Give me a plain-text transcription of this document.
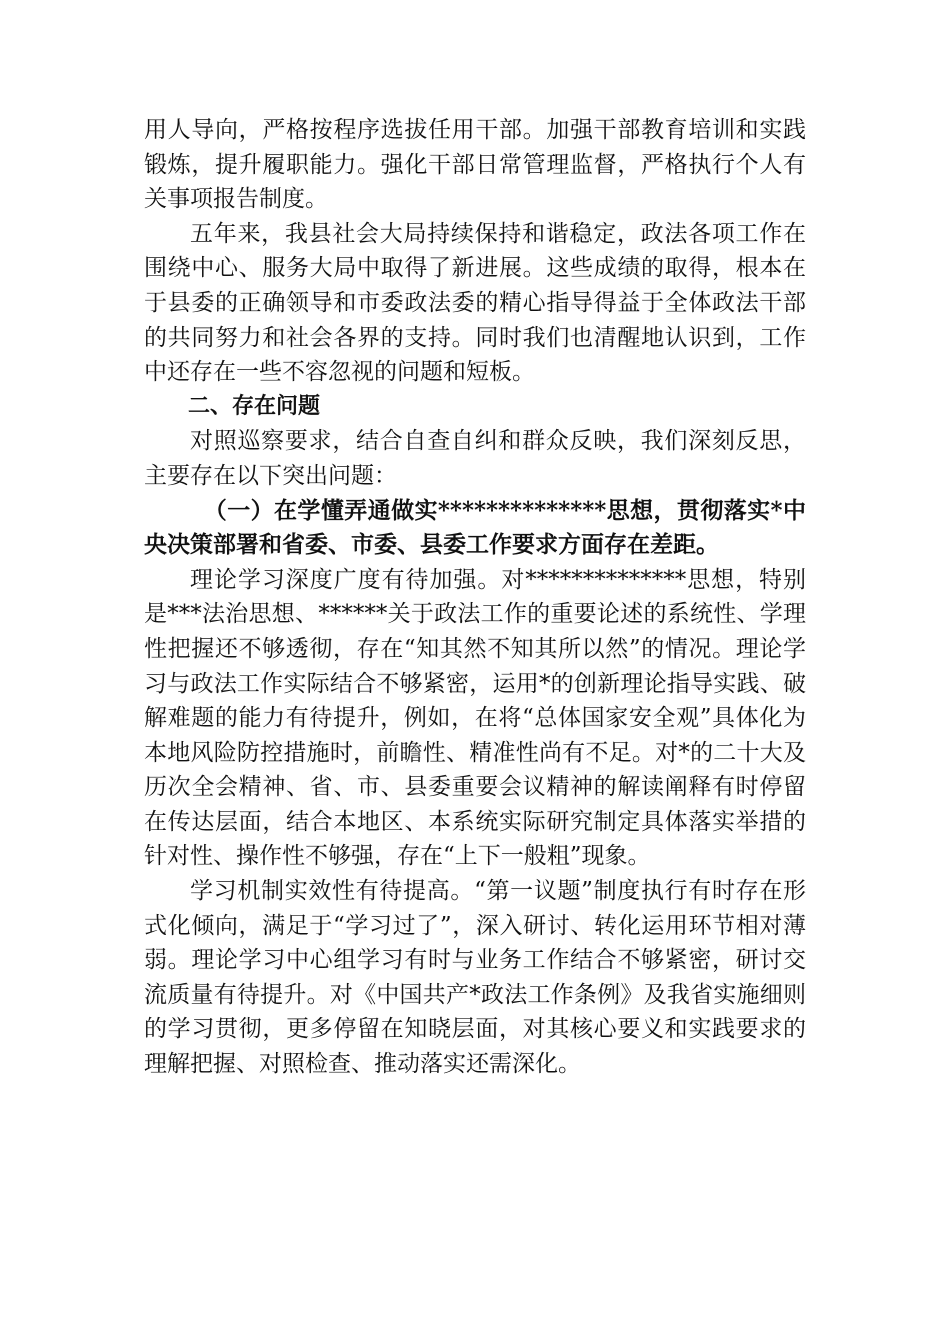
用人导向，严格按程序选拔任用干部。加强干部教育培训和实践锻炼，提升履职能力。强化干部日常管理监督，严格执行个人有关事项报告制度。

五年来，我县社会大局持续保持和谐稳定，政法各项工作在围绕中心、服务大局中取得了新进展。这些成绩的取得，根本在于县委的正确领导和市委政法委的精心指导得益于全体政法干部的共同努力和社会各界的支持。同时我们也清醒地认识到，工作中还存在一些不容忽视的问题和短板。

二、存在问题

对照巡察要求，结合自查自纠和群众反映，我们深刻反思，主要存在以下突出问题：

（一）在学懂弄通做实**************思想，贯彻落实*中央决策部署和省委、市委、县委工作要求方面存在差距。

理论学习深度广度有待加强。对**************思想，特别是***法治思想、******关于政法工作的重要论述的系统性、学理性把握还不够透彻，存在“知其然不知其所以然”的情况。理论学习与政法工作实际结合不够紧密，运用*的创新理论指导实践、破解难题的能力有待提升，例如，在将“总体国家安全观”具体化为本地风险防控措施时，前瞻性、精准性尚有不足。对*的二十大及历次全会精神、省、市、县委重要会议精神的解读阐释有时停留在传达层面，结合本地区、本系统实际研究制定具体落实举措的针对性、操作性不够强，存在“上下一般粗”现象。

学习机制实效性有待提高。“第一议题”制度执行有时存在形式化倾向，满足于“学习过了”，深入研讨、转化运用环节相对薄弱。理论学习中心组学习有时与业务工作结合不够紧密，研讨交流质量有待提升。对《中国共产*政法工作条例》及我省实施细则的学习贯彻，更多停留在知晓层面，对其核心要义和实践要求的理解把握、对照检查、推动落实还需深化。
